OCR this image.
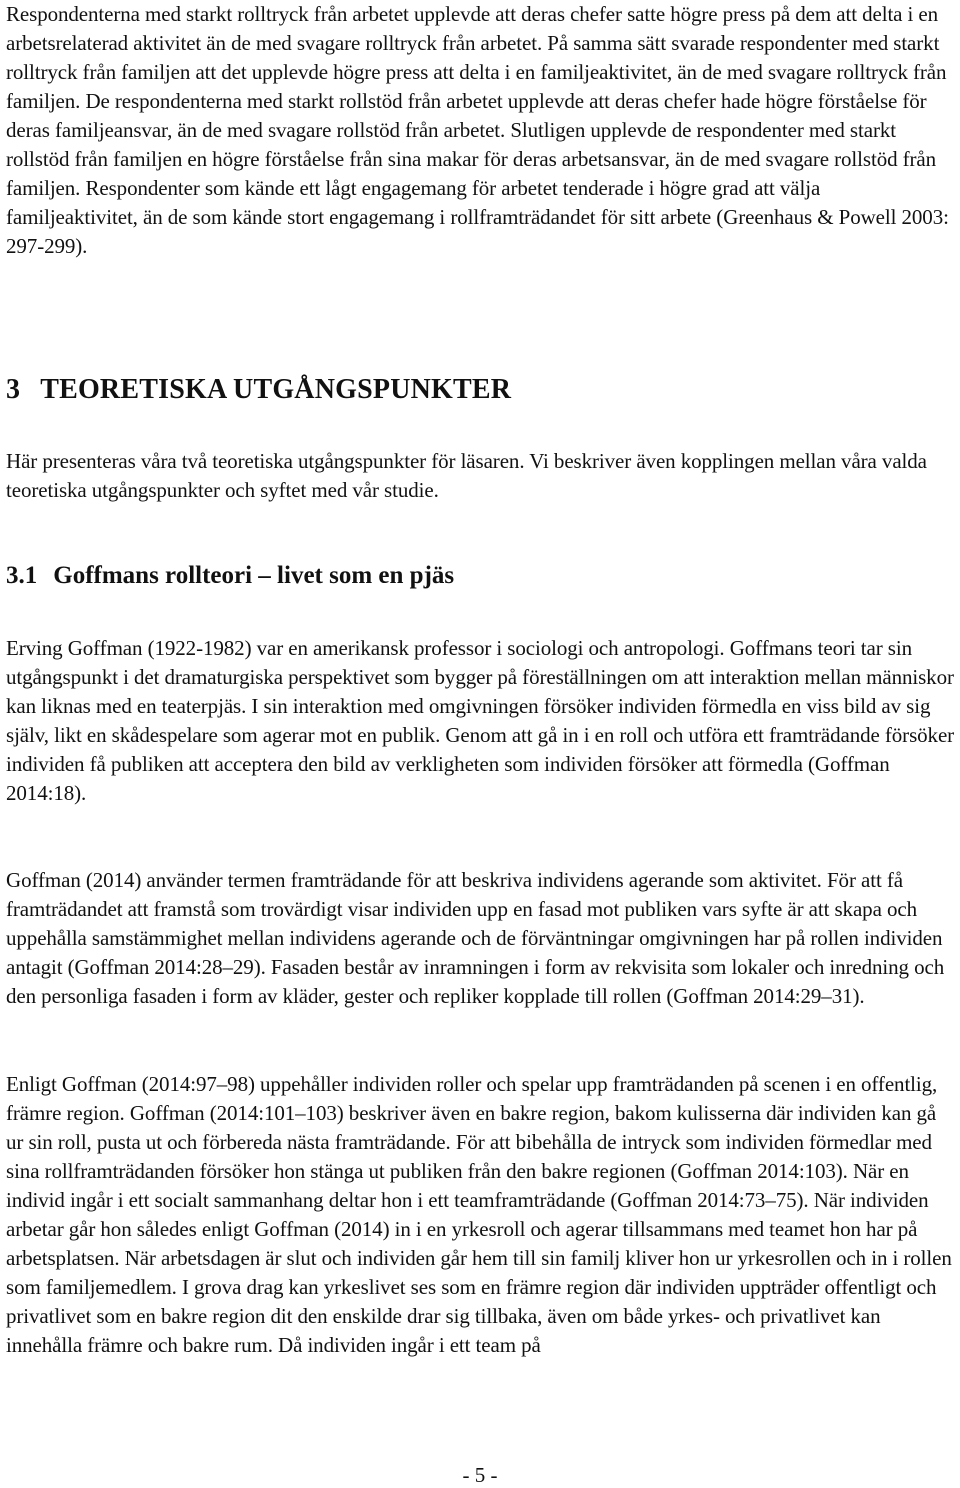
Respondenterna med starkt rolltryck från arbetet upplevde att deras chefer satte högre press på dem att delta i en arbetsrelaterad aktivitet än de med svagare rolltryck från arbetet. På samma sätt svarade respondenter med starkt rolltryck från familjen att det upplevde högre press att delta i en familjeaktivitet, än de med svagare rolltryck från familjen. De respondenterna med starkt rollstöd från arbetet upplevde att deras chefer hade högre förståelse för deras familjeansvar, än de med svagare rollstöd från arbetet. Slutligen upplevde de respondenter med starkt rollstöd från familjen en högre förståelse från sina makar för deras arbetsansvar, än de med svagare rollstöd från familjen. Respondenter som kände ett lågt engagemang för arbetet tenderade i högre grad att välja familjeaktivitet, än de som kände stort engagemang i rollframträdandet för sitt arbete (Greenhaus & Powell 2003: 297-299).

3 TEORETISKA UTGÅNGSPUNKTER

Här presenteras våra två teoretiska utgångspunkter för läsaren. Vi beskriver även kopplingen mellan våra valda teoretiska utgångspunkter och syftet med vår studie.

3.1 Goffmans rollteori – livet som en pjäs

Erving Goffman (1922-1982) var en amerikansk professor i sociologi och antropologi. Goffmans teori tar sin utgångspunkt i det dramaturgiska perspektivet som bygger på föreställningen om att interaktion mellan människor kan liknas med en teaterpjäs. I sin interaktion med omgivningen försöker individen förmedla en viss bild av sig själv, likt en skådespelare som agerar mot en publik. Genom att gå in i en roll och utföra ett framträdande försöker individen få publiken att acceptera den bild av verkligheten som individen försöker att förmedla (Goffman 2014:18).

Goffman (2014) använder termen framträdande för att beskriva individens agerande som aktivitet. För att få framträdandet att framstå som trovärdigt visar individen upp en fasad mot publiken vars syfte är att skapa och uppehålla samstämmighet mellan individens agerande och de förväntningar omgivningen har på rollen individen antagit (Goffman 2014:28–29). Fasaden består av inramningen i form av rekvisita som lokaler och inredning och den personliga fasaden i form av kläder, gester och repliker kopplade till rollen (Goffman 2014:29–31).

Enligt Goffman (2014:97–98) uppehåller individen roller och spelar upp framträdanden på scenen i en offentlig, främre region. Goffman (2014:101–103) beskriver även en bakre region, bakom kulisserna där individen kan gå ur sin roll, pusta ut och förbereda nästa framträdande. För att bibehålla de intryck som individen förmedlar med sina rollframträdanden försöker hon stänga ut publiken från den bakre regionen (Goffman 2014:103). När en individ ingår i ett socialt sammanhang deltar hon i ett teamframträdande (Goffman 2014:73–75). När individen arbetar går hon således enligt Goffman (2014) in i en yrkesroll och agerar tillsammans med teamet hon har på arbetsplatsen. När arbetsdagen är slut och individen går hem till sin familj kliver hon ur yrkesrollen och in i rollen som familjemedlem. I grova drag kan yrkeslivet ses som en främre region där individen uppträder offentligt och privatlivet som en bakre region dit den enskilde drar sig tillbaka, även om både yrkes- och privatlivet kan innehålla främre och bakre rum. Då individen ingår i ett team på

- 5 -
